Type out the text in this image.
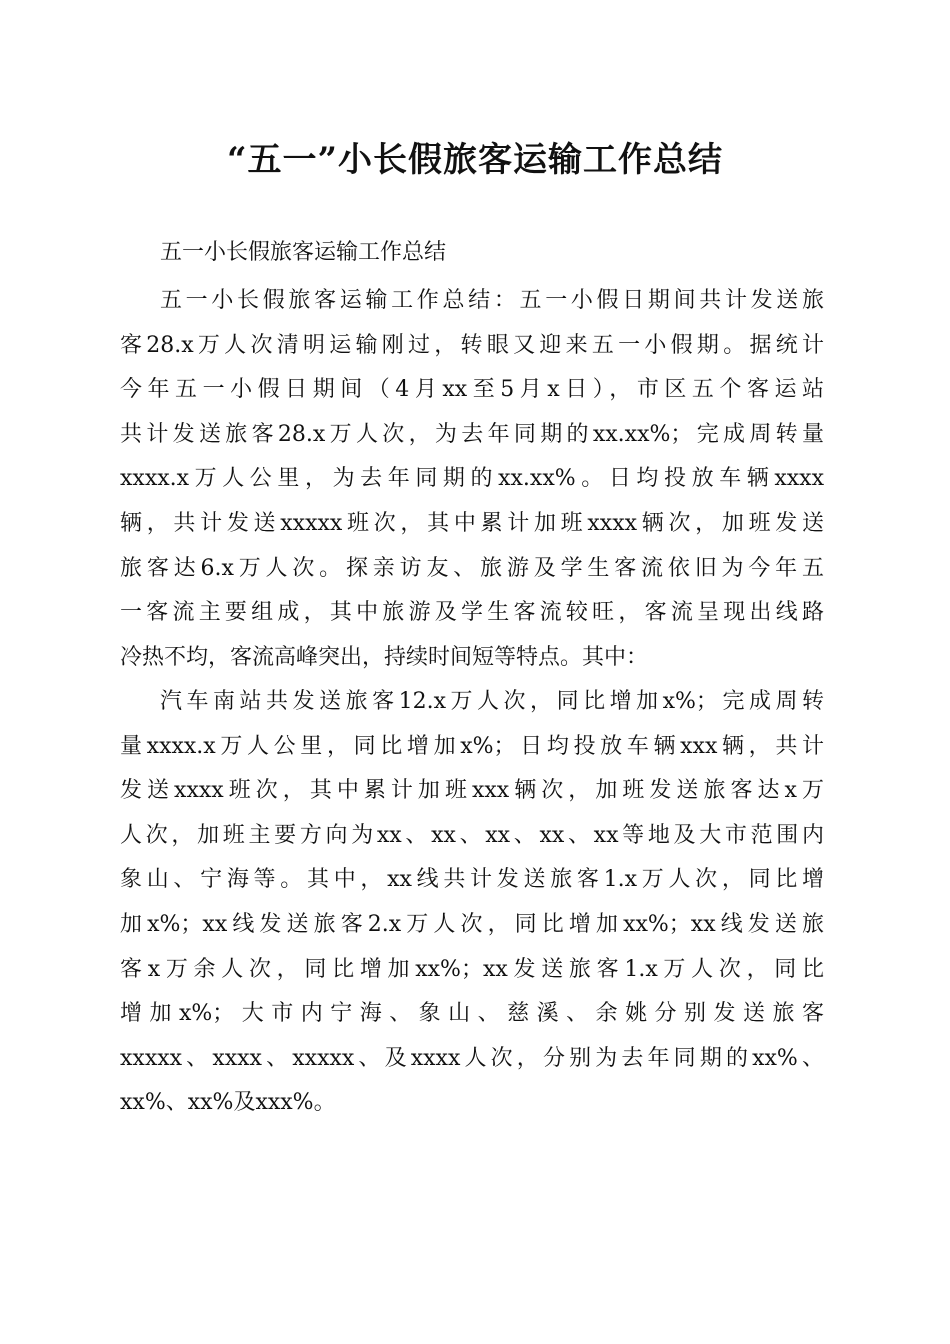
“五一”小长假旅客运输工作总结
五一小长假旅客运输工作总结
五一小长假旅客运输工作总结：五一小假日期间共计发送旅
客28.x万人次清明运输刚过，转眼又迎来五一小假期。据统计
今年五一小假日期间（4月xx至5月x日），市区五个客运站
共计发送旅客28.x万人次，为去年同期的xx.xx%；完成周转量
xxxx.x万人公里，为去年同期的xx.xx%。日均投放车辆xxxx
辆，共计发送xxxxx班次，其中累计加班xxxx辆次，加班发送
旅客达6.x万人次。探亲访友、旅游及学生客流依旧为今年五
一客流主要组成，其中旅游及学生客流较旺，客流呈现出线路
冷热不均，客流高峰突出，持续时间短等特点。其中：
汽车南站共发送旅客12.x万人次，同比增加x%；完成周转
量xxxx.x万人公里，同比增加x%；日均投放车辆xxx辆，共计
发送xxxx班次，其中累计加班xxx辆次，加班发送旅客达x万
人次，加班主要方向为xx、xx、xx、xx、xx等地及大市范围内
象山、宁海等。其中，xx线共计发送旅客1.x万人次，同比增
加x%；xx线发送旅客2.x万人次，同比增加xx%；xx线发送旅
客x万余人次，同比增加xx%；xx发送旅客1.x万人次，同比
增加x%；大市内宁海、象山、慈溪、余姚分别发送旅客
xxxxx、xxxx、xxxxx、及xxxx人次，分别为去年同期的xx%、
xx%、xx%及xxx%。
